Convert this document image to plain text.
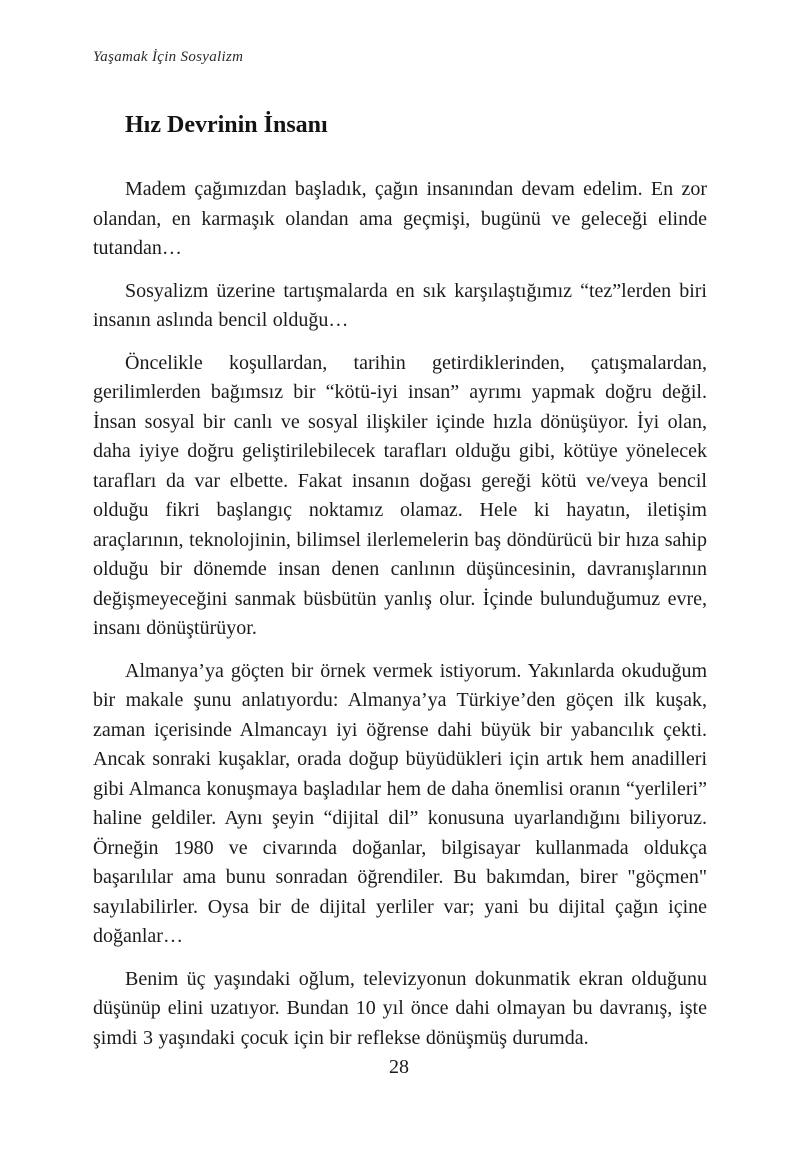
Yaşamak İçin Sosyalizm
Hız Devrinin İnsanı

Madem çağımızdan başladık, çağın insanından devam edelim. En zor olandan, en karmaşık olandan ama geçmişi, bugünü ve geleceği elinde tutandan…

Sosyalizm üzerine tartışmalarda en sık karşılaştığımız “tez”lerden biri insanın aslında bencil olduğu…

Öncelikle koşullardan, tarihin getirdiklerinden, çatışmalardan, gerilimlerden bağımsız bir “kötü-iyi insan” ayrımı yapmak doğru değil. İnsan sosyal bir canlı ve sosyal ilişkiler içinde hızla dönüşüyor. İyi olan, daha iyiye doğru geliştirilebilecek tarafları olduğu gibi, kötüye yönelecek tarafları da var elbette. Fakat insanın doğası gereği kötü ve/veya bencil olduğu fikri başlangıç noktamız olamaz. Hele ki hayatın, iletişim araçlarının, teknolojinin, bilimsel ilerlemelerin baş döndürücü bir hıza sahip olduğu bir dönemde insan denen canlının düşüncesinin, davranışlarının değişmeyeceğini sanmak büsbütün yanlış olur. İçinde bulunduğumuz evre, insanı dönüştürüyor.

Almanya’ya göçten bir örnek vermek istiyorum. Yakınlarda okuduğum bir makale şunu anlatıyordu: Almanya’ya Türkiye’den göçen ilk kuşak, zaman içerisinde Almancayı iyi öğrense dahi büyük bir yabancılık çekti. Ancak sonraki kuşaklar, orada doğup büyüdükleri için artık hem anadilleri gibi Almanca konuşmaya başladılar hem de daha önemlisi oranın “yerlileri” haline geldiler. Aynı şeyin “dijital dil” konusuna uyarlandığını biliyoruz. Örneğin 1980 ve civarında doğanlar, bilgisayar kullanmada oldukça başarılılar ama bunu sonradan öğrendiler. Bu bakımdan, birer "göçmen" sayılabilirler. Oysa bir de dijital yerliler var; yani bu dijital çağın içine doğanlar…

Benim üç yaşındaki oğlum, televizyonun dokunmatik ekran olduğunu düşünüp elini uzatıyor. Bundan 10 yıl önce dahi olmayan bu davranış, işte şimdi 3 yaşındaki çocuk için bir reflekse dönüşmüş durumda.

28
